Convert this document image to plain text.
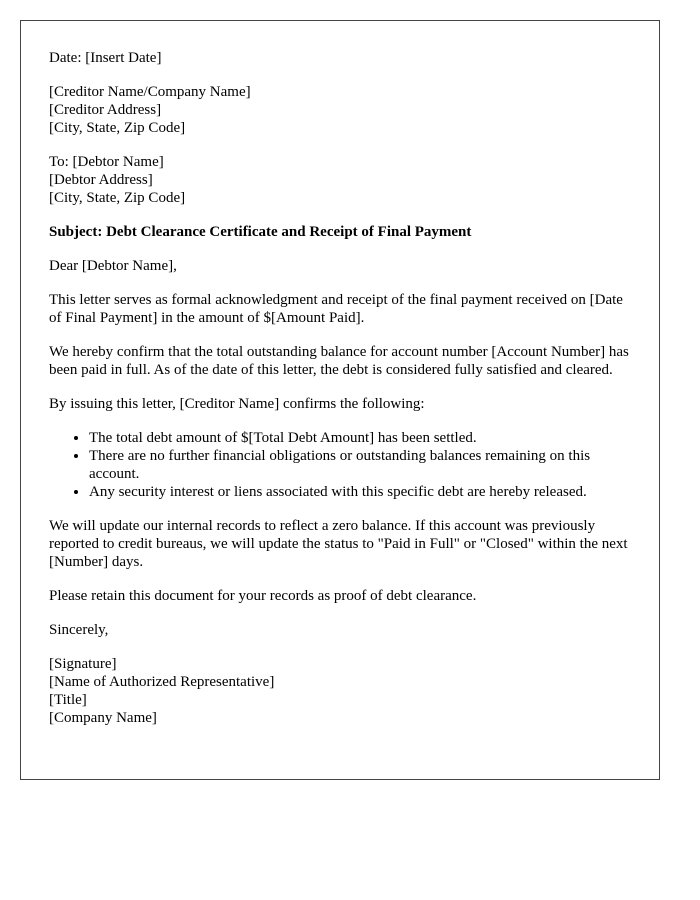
Date: [Insert Date]

[Creditor Name/Company Name]
[Creditor Address]
[City, State, Zip Code]
To: [Debtor Name]
[Debtor Address]
[City, State, Zip Code]

Subject: Debt Clearance Certificate and Receipt of Final Payment

Dear [Debtor Name],

This letter serves as formal acknowledgment and receipt of the final payment received on [Date of Final Payment] in the amount of $[Amount Paid].

We hereby confirm that the total outstanding balance for account number [Account Number] has been paid in full. As of the date of this letter, the debt is considered fully satisfied and cleared.

By issuing this letter, [Creditor Name] confirms the following:

• The total debt amount of $[Total Debt Amount] has been settled.
• There are no further financial obligations or outstanding balances remaining on this account.
• Any security interest or liens associated with this specific debt are hereby released.

We will update our internal records to reflect a zero balance. If this account was previously reported to credit bureaus, we will update the status to "Paid in Full" or "Closed" within the next [Number] days.

Please retain this document for your records as proof of debt clearance.

Sincerely,

[Signature]
[Name of Authorized Representative]
[Title]
[Company Name]
